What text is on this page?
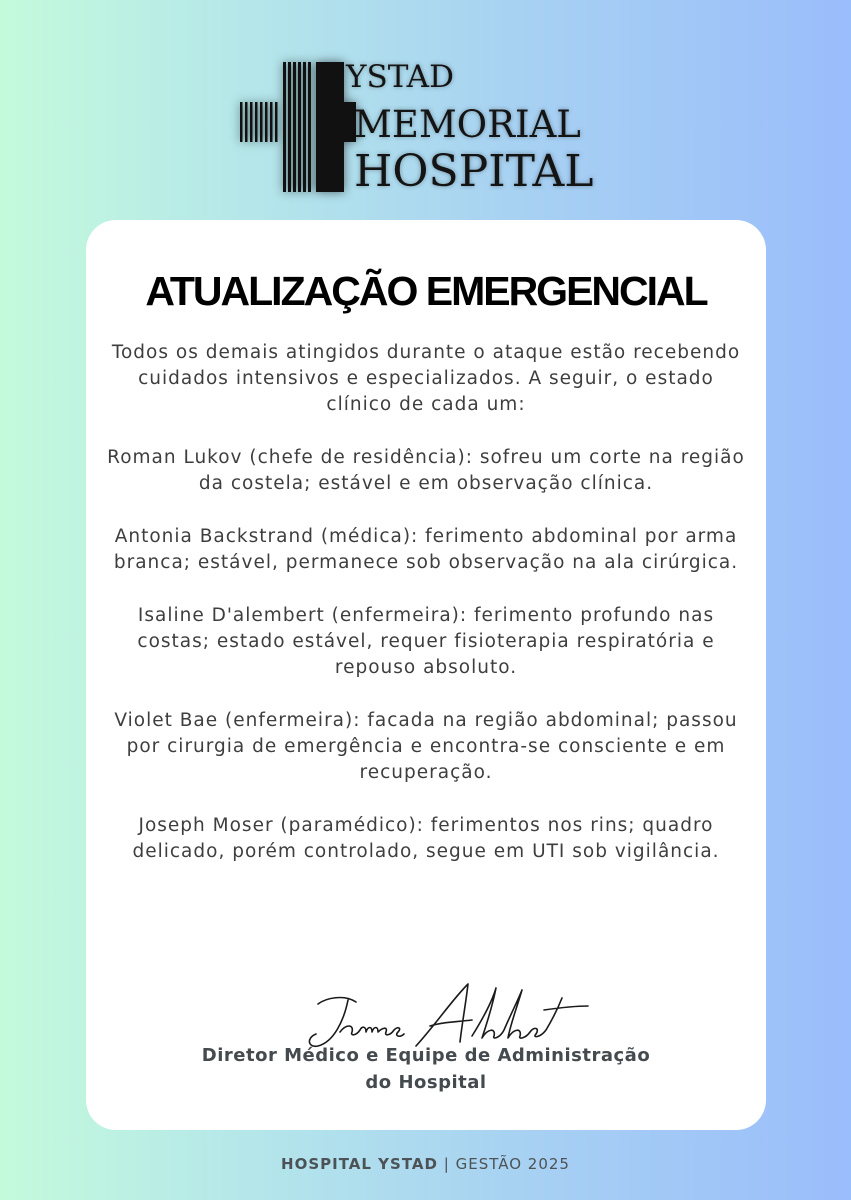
YSTAD
MEMORIAL
HOSPITAL
ATUALIZAÇÃO EMERGENCIAL

Todos os demais atingidos durante o ataque estão recebendo cuidados intensivos e especializados. A seguir, o estado clínico de cada um:

Roman Lukov (chefe de residência): sofreu um corte na região da costela; estável e em observação clínica.

Antonia Backstrand (médica): ferimento abdominal por arma branca; estável, permanece sob observação na ala cirúrgica.

Isaline D'alembert (enfermeira): ferimento profundo nas costas; estado estável, requer fisioterapia respiratória e repouso absoluto.

Violet Bae (enfermeira): facada na região abdominal; passou por cirurgia de emergência e encontra-se consciente e em recuperação.

Joseph Moser (paramédico): ferimentos nos rins; quadro delicado, porém controlado, segue em UTI sob vigilância.

Diretor Médico e Equipe de Administração
do Hospital
HOSPITAL YSTAD | GESTÃO 2025
